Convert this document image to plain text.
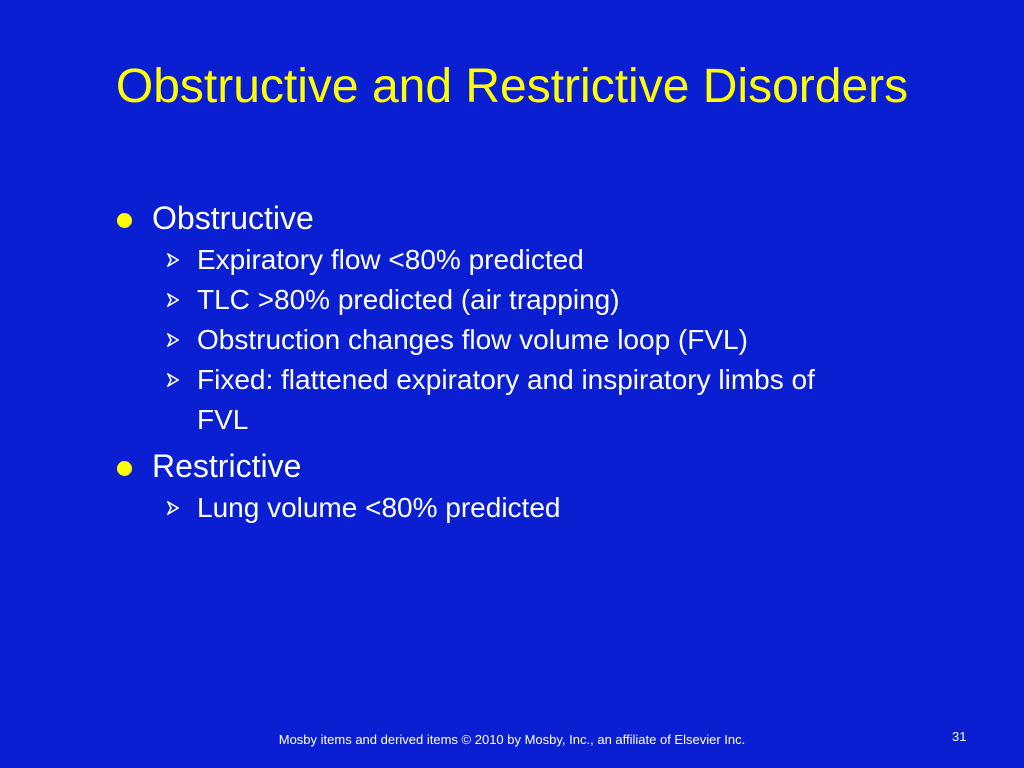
Obstructive and Restrictive Disorders
Obstructive
Expiratory flow <80% predicted
TLC >80% predicted (air trapping)
Obstruction changes flow volume loop (FVL)
Fixed: flattened expiratory and inspiratory limbs of FVL
Restrictive
Lung volume <80% predicted
Mosby items and derived items © 2010 by Mosby, Inc., an affiliate of Elsevier Inc.	31
